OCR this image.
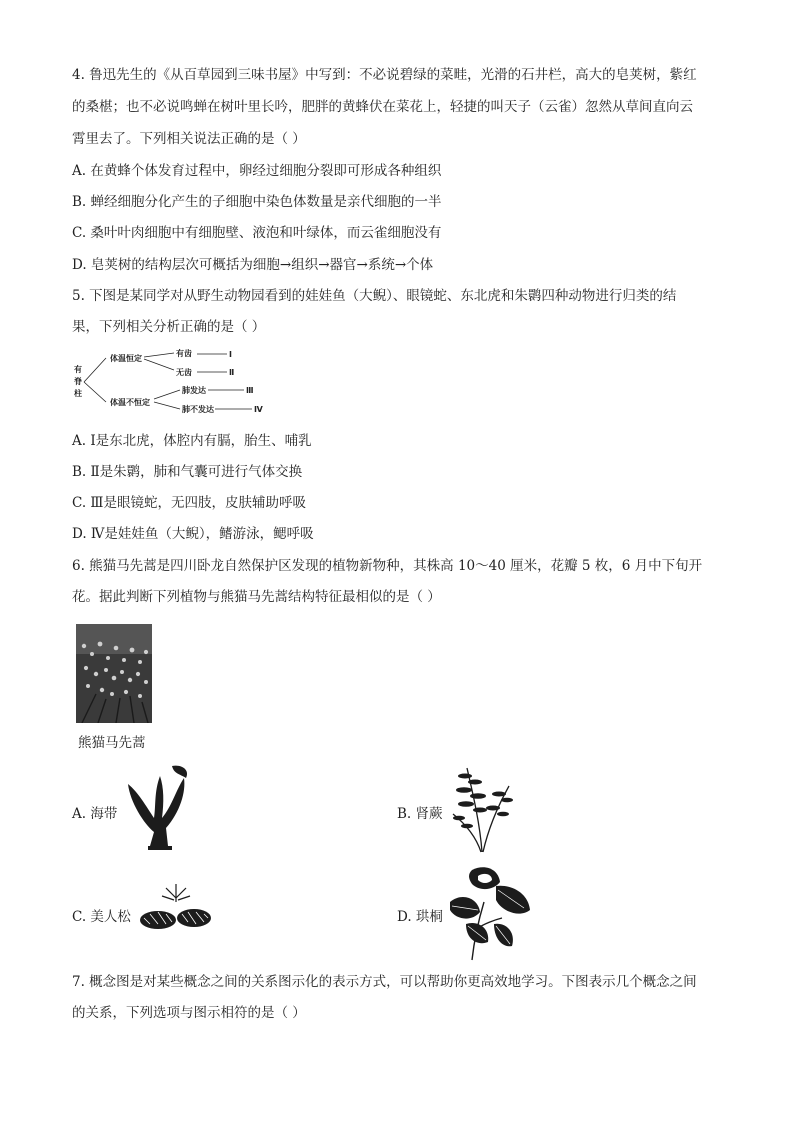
4. 鲁迅先生的《从百草园到三味书屋》中写到：不必说碧绿的菜畦，光滑的石井栏，高大的皂荚树，紫红
的桑椹；也不必说鸣蝉在树叶里长吟，肥胖的黄蜂伏在菜花上，轻捷的叫天子（云雀）忽然从草间直向云
霄里去了。下列相关说法正确的是（ ）
A. 在黄蜂个体发育过程中，卵经过细胞分裂即可形成各种组织
B. 蝉经细胞分化产生的子细胞中染色体数量是亲代细胞的一半
C. 桑叶叶肉细胞中有细胞壁、液泡和叶绿体，而云雀细胞没有
D. 皂荚树的结构层次可概括为细胞→组织→器官→系统→个体
5. 下图是某同学对从野生动物园看到的娃娃鱼（大鲵）、眼镜蛇、东北虎和朱鹮四种动物进行归类的结
果，下列相关分析正确的是（ ）
有
脊
柱
体温恒定
体温不恒定
有齿
无齿
肺发达
肺不发达
Ⅰ
Ⅱ
Ⅲ
Ⅳ
A. Ⅰ是东北虎，体腔内有膈，胎生、哺乳
B. Ⅱ是朱鹮，肺和气囊可进行气体交换
C. Ⅲ是眼镜蛇，无四肢，皮肤辅助呼吸
D. Ⅳ是娃娃鱼（大鲵），鳍游泳，鳃呼吸
6. 熊猫马先蒿是四川卧龙自然保护区发现的植物新物种，其株高 10～40 厘米，花瓣 5 枚，6 月中下旬开
花。据此判断下列植物与熊猫马先蒿结构特征最相似的是（ ）
熊猫马先蒿
A. 海带	B. 肾蕨
C. 美人松	D. 珙桐
7. 概念图是对某些概念之间的关系图示化的表示方式，可以帮助你更高效地学习。下图表示几个概念之间
的关系，下列选项与图示相符的是（ ）
